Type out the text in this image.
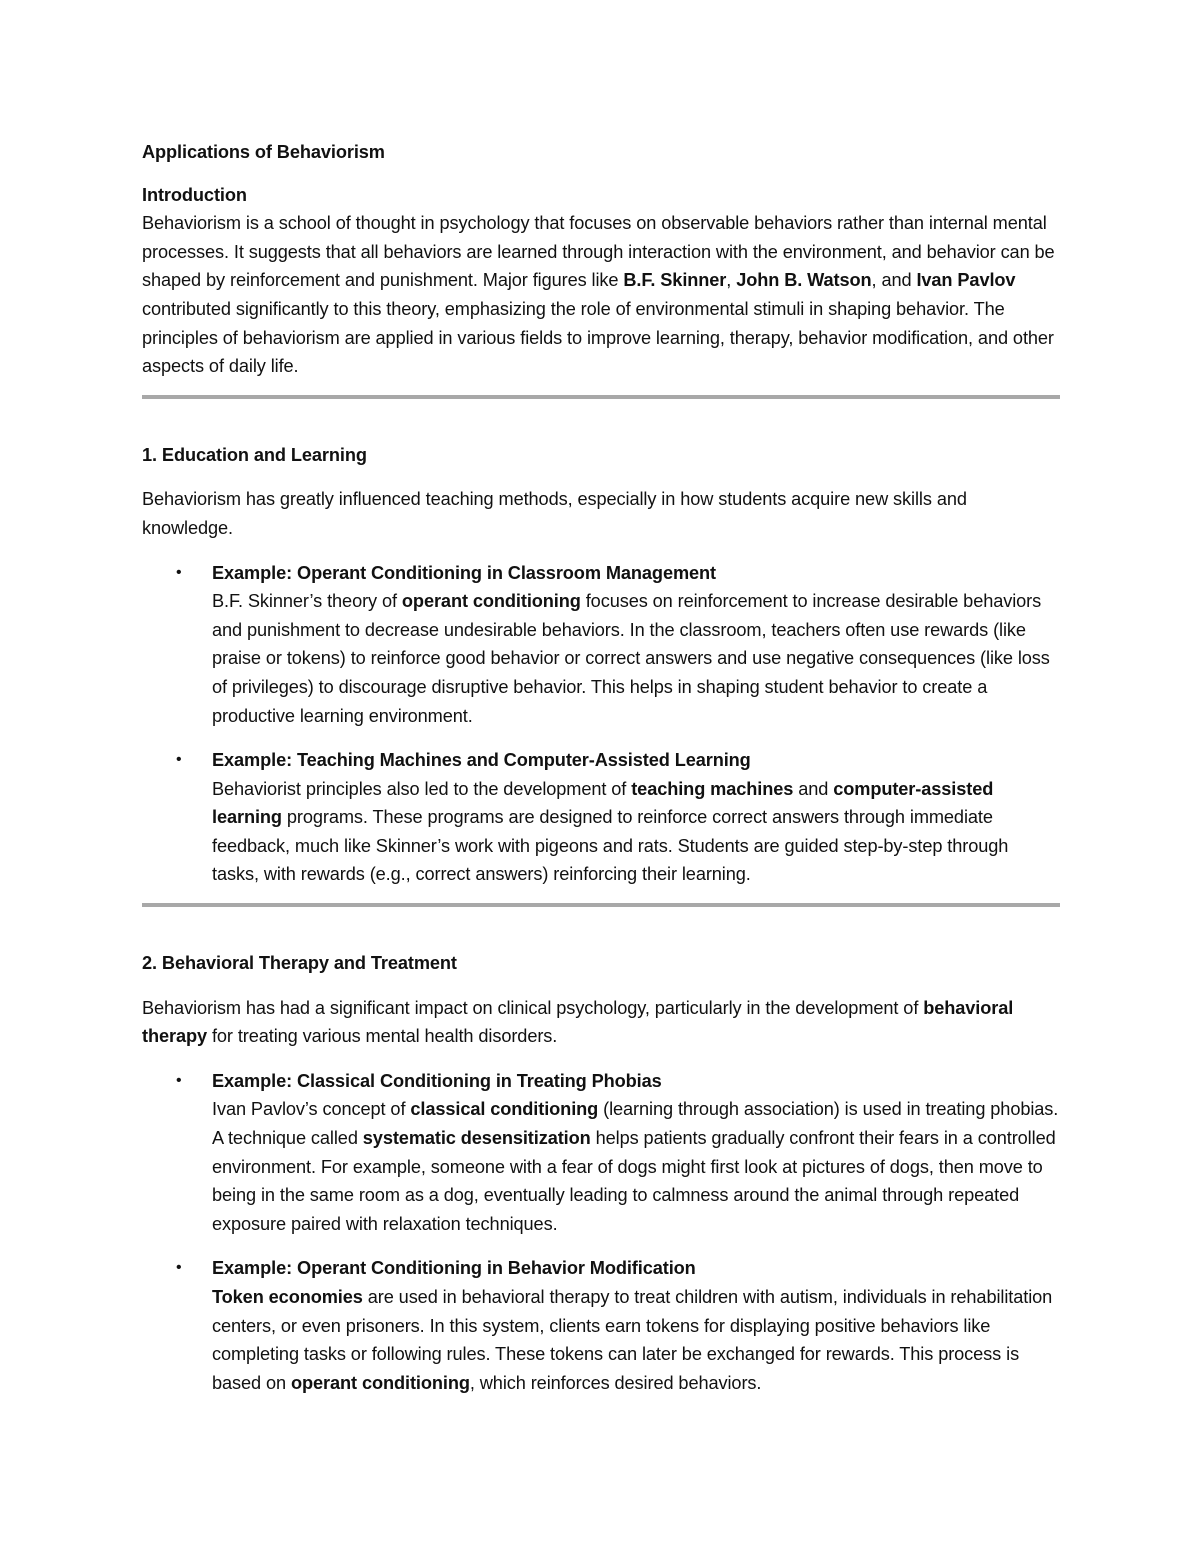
Applications of Behaviorism

Introduction

Behaviorism is a school of thought in psychology that focuses on observable behaviors rather than internal mental processes. It suggests that all behaviors are learned through interaction with the environment, and behavior can be shaped by reinforcement and punishment. Major figures like B.F. Skinner, John B. Watson, and Ivan Pavlov contributed significantly to this theory, emphasizing the role of environmental stimuli in shaping behavior. The principles of behaviorism are applied in various fields to improve learning, therapy, behavior modification, and other aspects of daily life.

1. Education and Learning

Behaviorism has greatly influenced teaching methods, especially in how students acquire new skills and knowledge.

• Example: Operant Conditioning in Classroom Management
B.F. Skinner’s theory of operant conditioning focuses on reinforcement to increase desirable behaviors and punishment to decrease undesirable behaviors. In the classroom, teachers often use rewards (like praise or tokens) to reinforce good behavior or correct answers and use negative consequences (like loss of privileges) to discourage disruptive behavior. This helps in shaping student behavior to create a productive learning environment.
• Example: Teaching Machines and Computer-Assisted Learning
Behaviorist principles also led to the development of teaching machines and computer-assisted learning programs. These programs are designed to reinforce correct answers through immediate feedback, much like Skinner’s work with pigeons and rats. Students are guided step-by-step through tasks, with rewards (e.g., correct answers) reinforcing their learning.

2. Behavioral Therapy and Treatment

Behaviorism has had a significant impact on clinical psychology, particularly in the development of behavioral therapy for treating various mental health disorders.

• Example: Classical Conditioning in Treating Phobias
Ivan Pavlov’s concept of classical conditioning (learning through association) is used in treating phobias. A technique called systematic desensitization helps patients gradually confront their fears in a controlled environment. For example, someone with a fear of dogs might first look at pictures of dogs, then move to being in the same room as a dog, eventually leading to calmness around the animal through repeated exposure paired with relaxation techniques.
• Example: Operant Conditioning in Behavior Modification
Token economies are used in behavioral therapy to treat children with autism, individuals in rehabilitation centers, or even prisoners. In this system, clients earn tokens for displaying positive behaviors like completing tasks or following rules. These tokens can later be exchanged for rewards. This process is based on operant conditioning, which reinforces desired behaviors.
